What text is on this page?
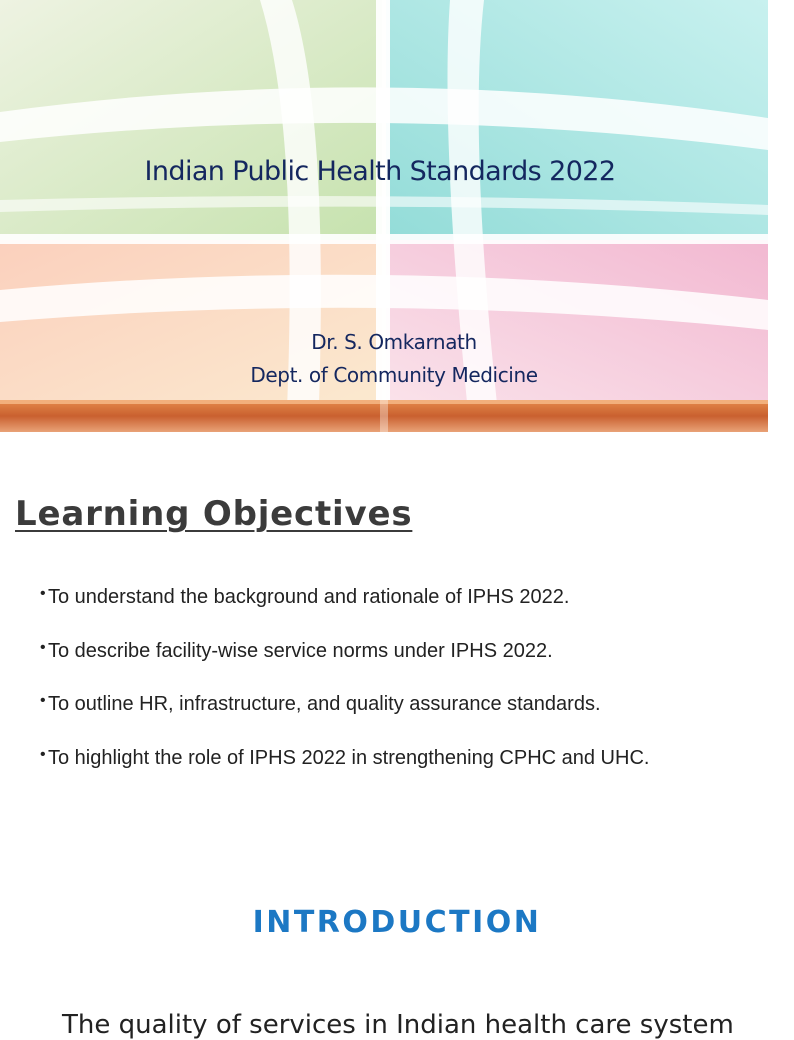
Indian Public Health Standards 2022
Dr. S. Omkarnath
Dept. of Community Medicine
Learning Objectives
• To understand the background and rationale of IPHS 2022.
• To describe facility-wise service norms under IPHS 2022.
• To outline HR, infrastructure, and quality assurance standards.
• To highlight the role of IPHS 2022 in strengthening CPHC and UHC.
INTRODUCTION

The quality of services in Indian health care system
